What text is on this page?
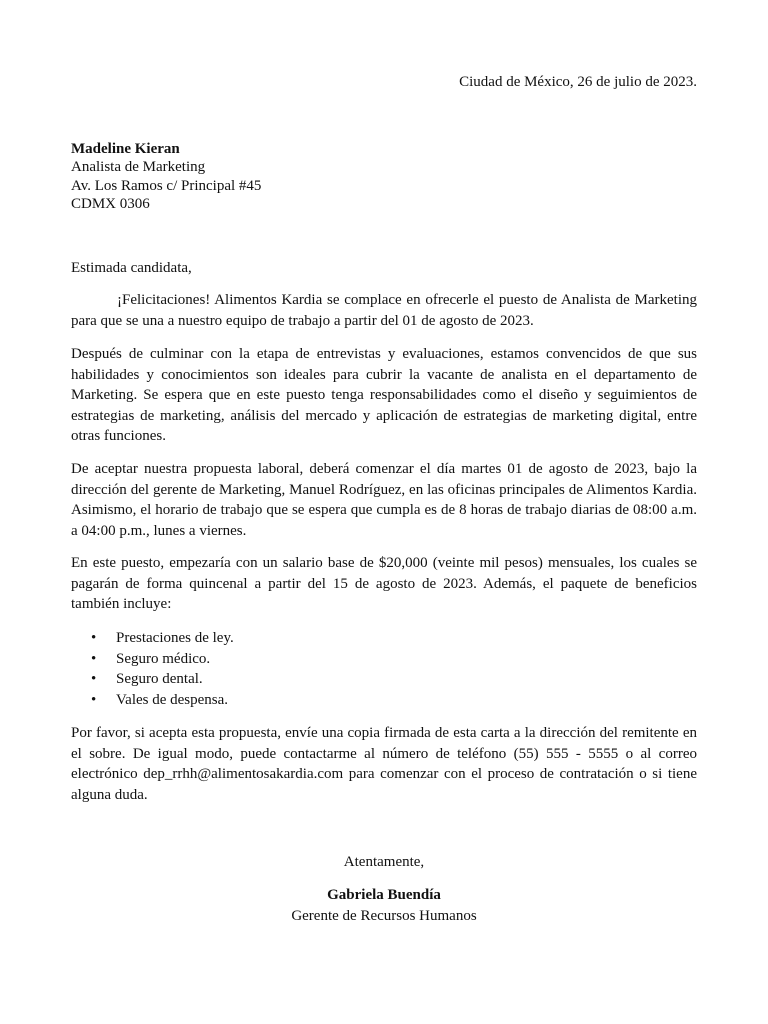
Ciudad de México, 26 de julio de 2023.
Madeline Kieran
Analista de Marketing
Av. Los Ramos c/ Principal #45
CDMX 0306
Estimada candidata,
¡Felicitaciones! Alimentos Kardia se complace en ofrecerle el puesto de Analista de Marketing para que se una a nuestro equipo de trabajo a partir del 01 de agosto de 2023.
Después de culminar con la etapa de entrevistas y evaluaciones, estamos convencidos de que sus habilidades y conocimientos son ideales para cubrir la vacante de analista en el departamento de Marketing. Se espera que en este puesto tenga responsabilidades como el diseño y seguimientos de estrategias de marketing, análisis del mercado y aplicación de estrategias de marketing digital, entre otras funciones.
De aceptar nuestra propuesta laboral, deberá comenzar el día martes 01 de agosto de 2023, bajo la dirección del gerente de Marketing, Manuel Rodríguez, en las oficinas principales de Alimentos Kardia. Asimismo, el horario de trabajo que se espera que cumpla es de 8 horas de trabajo diarias de 08:00 a.m. a 04:00 p.m., lunes a viernes.
En este puesto, empezaría con un salario base de $20,000 (veinte mil pesos) mensuales, los cuales se pagarán de forma quincenal a partir del 15 de agosto de 2023. Además, el paquete de beneficios también incluye:
• Prestaciones de ley.
• Seguro médico.
• Seguro dental.
• Vales de despensa.
Por favor, si acepta esta propuesta, envíe una copia firmada de esta carta a la dirección del remitente en el sobre. De igual modo, puede contactarme al número de teléfono (55) 555 - 5555 o al correo electrónico dep_rrhh@alimentosakardia.com para comenzar con el proceso de contratación o si tiene alguna duda.
Atentamente,
Gabriela Buendía
Gerente de Recursos Humanos
